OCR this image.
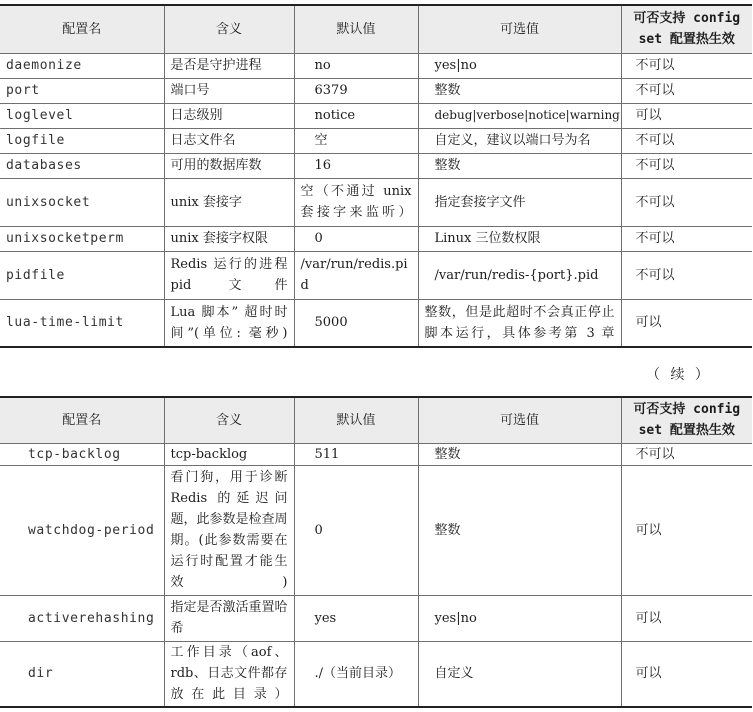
配置名	含义	默认值	可选值	可否支持 config
set 配置热生效

daemonize	是否是守护进程	no	yes|no	不可以
port	端口号	6379	整数	不可以
loglevel	日志级别	notice	debug|verbose|notice|warning	可以
logfile	日志文件名	空	自定义，建议以端口号为名	不可以
databases	可用的数据库数	16	整数	不可以
unixsocket	unix 套接字	空（不通过 unix 套接字来监听）	指定套接字文件	不可以
unixsocketperm	unix 套接字权限	0	Linux 三位数权限	不可以
pidfile	Redis 运行的进程 pid 文件	/var/run/redis.pid	/var/run/redis-{port}.pid	不可以
lua-time-limit	Lua 脚本” 超时时间”(单位: 毫秒)	5000	整数，但是此超时不会真正停止脚本运行，具体参考第 3 章	可以
（ 续 ）
配置名	含义	默认值	可选值	可否支持 config
set 配置热生效

tcp-backlog	tcp-backlog	511	整数	不可以
watchdog-period	看门狗，用于诊断 Redis 的延迟问题，此参数是检查周期。(此参数需要在运行时配置才能生效)	0	整数	可以
activerehashing	指定是否激活重置哈希	yes	yes|no	可以
dir	工作目录（aof、rdb、日志文件都存放在此目录）	./（当前目录）	自定义	可以
